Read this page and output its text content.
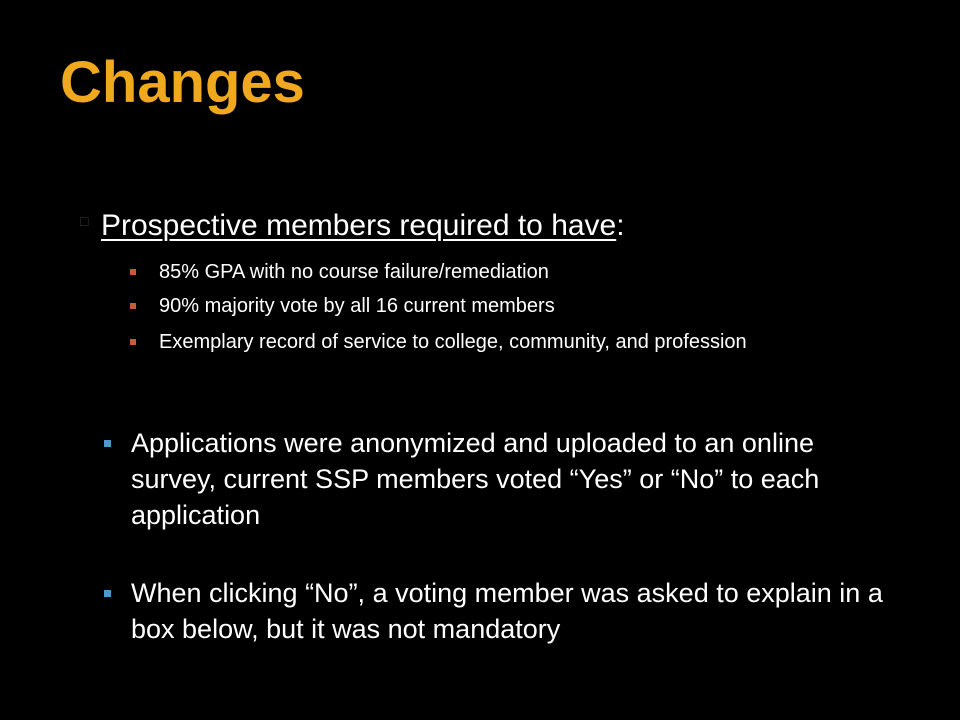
Changes
□ Prospective members required to have:
85% GPA with no course failure/remediation
90% majority vote by all 16 current members
Exemplary record of service to college, community, and profession
Applications were anonymized and uploaded to an online survey, current SSP members voted “Yes” or “No” to each application
When clicking “No”, a voting member was asked to explain in a box below, but it was not mandatory
